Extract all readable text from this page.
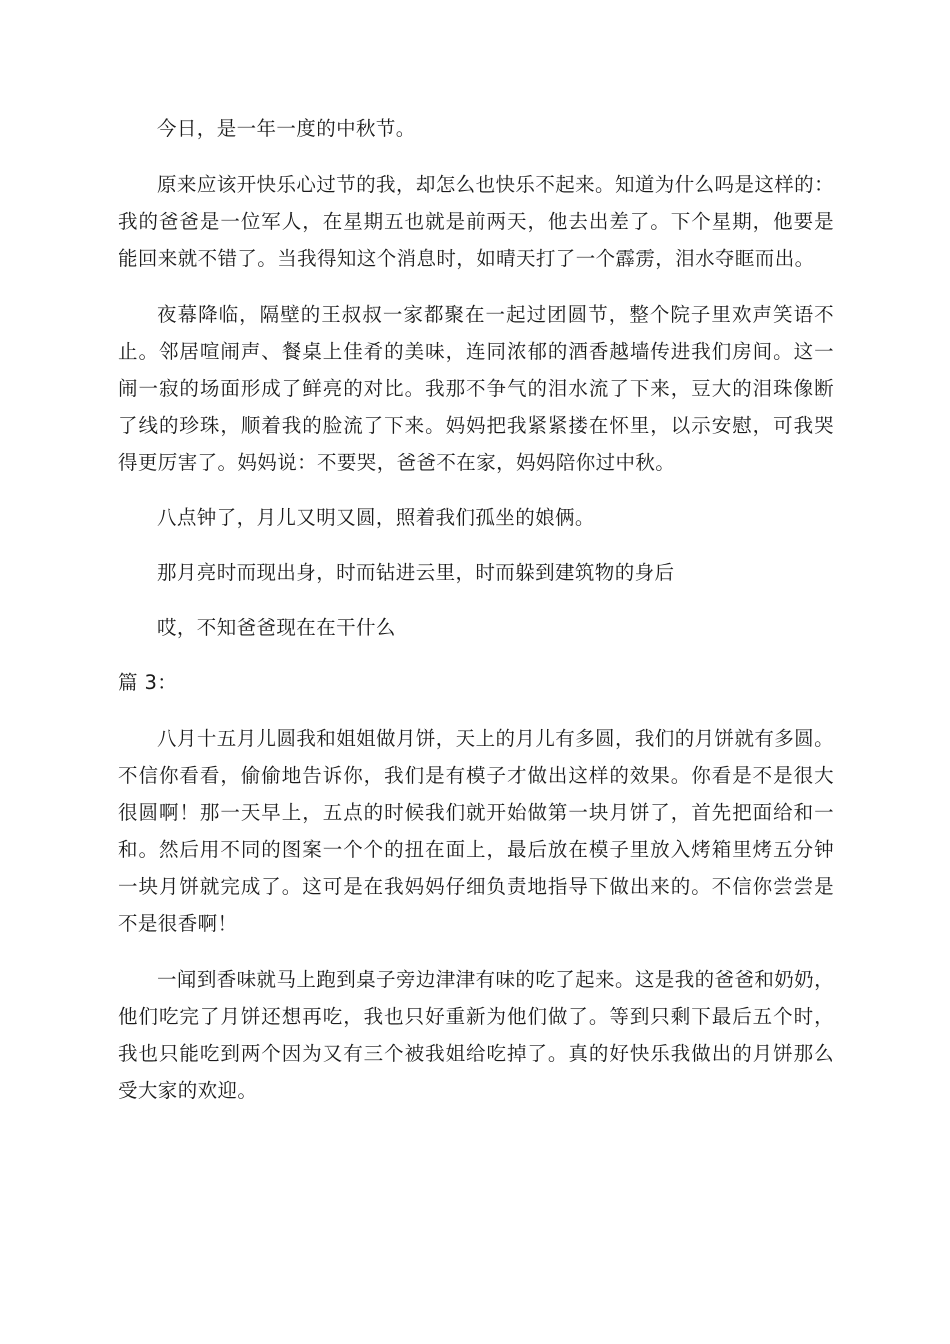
今日，是一年一度的中秋节。

原来应该开快乐心过节的我，却怎么也快乐不起来。知道为什么吗是这样的：我的爸爸是一位军人，在星期五也就是前两天，他去出差了。下个星期，他要是能回来就不错了。当我得知这个消息时，如晴天打了一个霹雳，泪水夺眶而出。

夜幕降临，隔壁的王叔叔一家都聚在一起过团圆节，整个院子里欢声笑语不止。邻居喧闹声、餐桌上佳肴的美味，连同浓郁的酒香越墙传进我们房间。这一闹一寂的场面形成了鲜亮的对比。我那不争气的泪水流了下来，豆大的泪珠像断了线的珍珠，顺着我的脸流了下来。妈妈把我紧紧搂在怀里，以示安慰，可我哭得更厉害了。妈妈说：不要哭，爸爸不在家，妈妈陪你过中秋。

八点钟了，月儿又明又圆，照着我们孤坐的娘俩。

那月亮时而现出身，时而钻进云里，时而躲到建筑物的身后

哎，不知爸爸现在在干什么

篇 3：

八月十五月儿圆我和姐姐做月饼，天上的月儿有多圆，我们的月饼就有多圆。不信你看看，偷偷地告诉你，我们是有模子才做出这样的效果。你看是不是很大很圆啊！那一天早上，五点的时候我们就开始做第一块月饼了，首先把面给和一和。然后用不同的图案一个个的扭在面上，最后放在模子里放入烤箱里烤五分钟一块月饼就完成了。这可是在我妈妈仔细负责地指导下做出来的。不信你尝尝是不是很香啊！

一闻到香味就马上跑到桌子旁边津津有味的吃了起来。这是我的爸爸和奶奶，他们吃完了月饼还想再吃，我也只好重新为他们做了。等到只剩下最后五个时，我也只能吃到两个因为又有三个被我姐给吃掉了。真的好快乐我做出的月饼那么受大家的欢迎。
